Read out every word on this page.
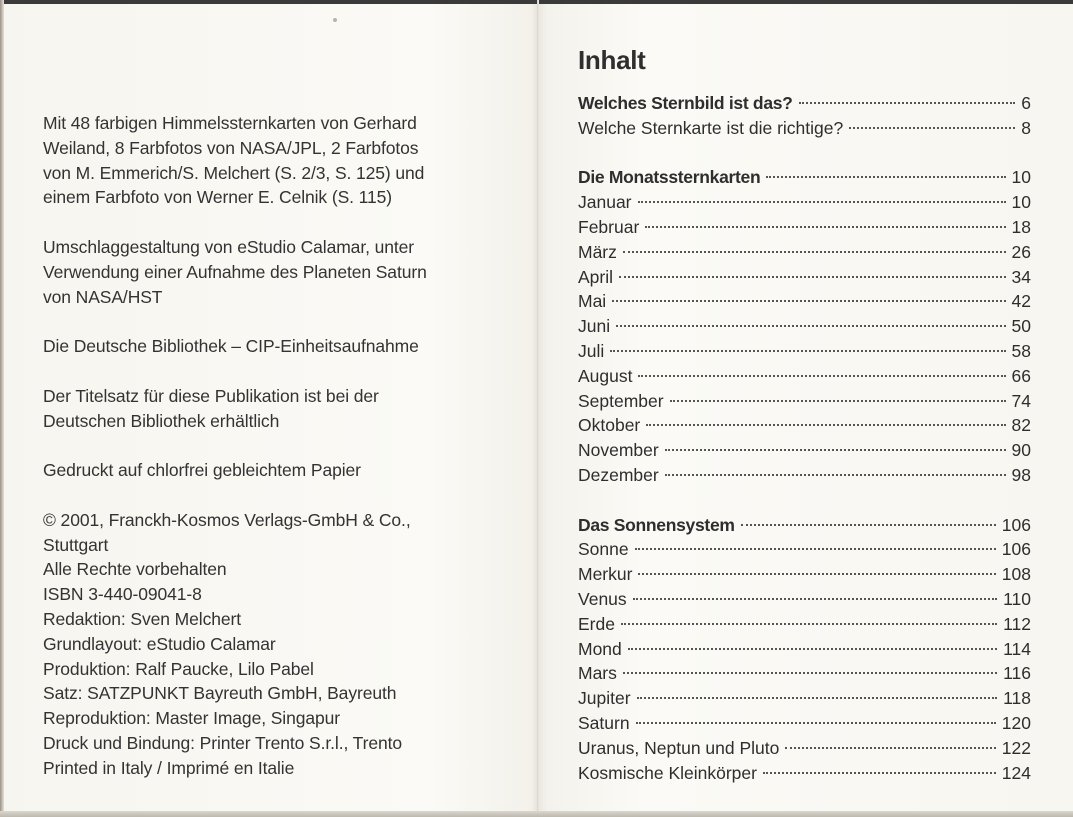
Mit 48 farbigen Himmelssternkarten von Gerhard
Weiland, 8 Farbfotos von NASA/JPL, 2 Farbfotos
von M. Emmerich/S. Melchert (S. 2/3, S. 125) und
einem Farbfoto von Werner E. Celnik (S. 115)

Umschlaggestaltung von eStudio Calamar, unter
Verwendung einer Aufnahme des Planeten Saturn
von NASA/HST

Die Deutsche Bibliothek – CIP-Einheitsaufnahme

Der Titelsatz für diese Publikation ist bei der
Deutschen Bibliothek erhältlich

Gedruckt auf chlorfrei gebleichtem Papier

© 2001, Franckh-Kosmos Verlags-GmbH & Co.,
Stuttgart
Alle Rechte vorbehalten
ISBN 3-440-09041-8
Redaktion: Sven Melchert
Grundlayout: eStudio Calamar
Produktion: Ralf Paucke, Lilo Pabel
Satz: SATZPUNKT Bayreuth GmbH, Bayreuth
Reproduktion: Master Image, Singapur
Druck und Bindung: Printer Trento S.r.l., Trento
Printed in Italy / Imprimé en Italie

Inhalt
Welches Sternbild ist das?	6
Welche Sternkarte ist die richtige?	8
Die Monatssternkarten	10
Januar	10
Februar	18
März	26
April	34
Mai	42
Juni	50
Juli	58
August	66
September	74
Oktober	82
November	90
Dezember	98
Das Sonnensystem	106
Sonne	106
Merkur	108
Venus	110
Erde	112
Mond	114
Mars	116
Jupiter	118
Saturn	120
Uranus, Neptun und Pluto	122
Kosmische Kleinkörper	124
